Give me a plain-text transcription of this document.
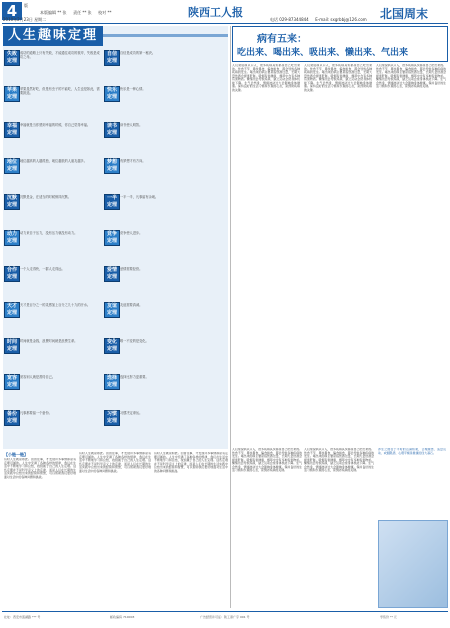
4	版
本版编辑 ** 张 　 责任 ** 张 　 校对 **
2010年2月23日 星期二
陕西工人报
电话 029-87344844 　 E-mail: sxgrbbj@126.com 北国周末
人生趣味定理
失败 定理
成功的道路上只有失败，才能通往成功的彼岸，失败是成功之母。
苹果 定理
苹果虽然好吃，但是有虫子的不能吃，人生也是如此，需要挑选。
幸福 定理
幸福就是当你感到幸福的时候，你自己觉得幸福。
地位 定理
地位越高的人越孤独，地位越低的人朋友越多。
沉默 定理
沉默是金，在适当的时候保持沉默。
动力 定理
动力来自于压力，没有压力就没有动力。
合作 定理
一个人走得快，一群人走得远。
天才 定理
天才是百分之一的灵感加上百分之九十九的汗水。
时间 定理
时间就是金钱，浪费时间就是浪费生命。
宽容 定理
宽容别人就是善待自己。
备份 定理
凡事都要留一个备份。
自信 定理
自信是成功的第一秘诀。
快乐 定理
快乐是一种心情。
读书 定理
读书使人明智。
梦想 定理
有梦想才有方向。
一半 定理
一半一半，凡事留有余地。
竞争 定理
竞争使人进步。
爱情 定理
爱情需要经营。
友谊 定理
友谊需要真诚。
变化 定理
唯一不变的是变化。
选择 定理
选择比努力更重要。
习惯 定理
习惯决定命运。
【小链一链】
有时人生就是如此。回首往事，才发现许多事情都是有定理可循的。人生中充满了各种各样的规律，我们在生活中不断地学习和总结，找到属于自己的人生定理。这些定理并不是科学意义上的定律，而是人们在长期的生活实践中总结出来的经验和智慧，可以帮助我们更好地面对生活中的各种问题和挑战。
有时人生就是如此。回首往事，才发现许多事情都是有定理可循的。人生中充满了各种各样的规律，我们在生活中不断地学习和总结，找到属于自己的人生定理。这些定理并不是科学意义上的定律，而是人们在长期的生活实践中总结出来的经验和智慧，可以帮助我们更好地面对生活中的各种问题和挑战。
有时人生就是如此。回首往事，才发现许多事情都是有定理可循的。人生中充满了各种各样的规律，我们在生活中不断地学习和总结，找到属于自己的人生定理。这些定理并不是科学意义上的定律，而是人们在长期的生活实践中总结出来的经验和智慧，可以帮助我们更好地面对生活中的各种问题和挑战。
病有五来：
吃出来、喝出来、吸出来、懒出来、气出来
人们常说病从口入，很多疾病其实都是自己吃出来的。饮食不节，暴饮暴食，偏食挑食，都会导致各种疾病的发生。喝出来的病主要是指饮酒过量，长期大量饮酒会损害肝脏。吸烟有害健康，烟草中含有多种有害物质。懒惰也会导致疾病，缺乏运动会使身体机能下降。生气会伤身，情绪波动过大会影响身体健康。保持良好的生活习惯和乐观的心态，是预防疾病的关键。
人们常说病从口入，很多疾病其实都是自己吃出来的。饮食不节，暴饮暴食，偏食挑食，都会导致各种疾病的发生。喝出来的病主要是指饮酒过量，长期大量饮酒会损害肝脏。吸烟有害健康，烟草中含有多种有害物质。懒惰也会导致疾病，缺乏运动会使身体机能下降。生气会伤身，情绪波动过大会影响身体健康。保持良好的生活习惯和乐观的心态，是预防疾病的关键。
人们常说病从口入，很多疾病其实都是自己吃出来的。饮食不节，暴饮暴食，偏食挑食，都会导致各种疾病的发生。喝出来的病主要是指饮酒过量，长期大量饮酒会损害肝脏。吸烟有害健康，烟草中含有多种有害物质。懒惰也会导致疾病，缺乏运动会使身体机能下降。生气会伤身，情绪波动过大会影响身体健康。保持良好的生活习惯和乐观的心态，是预防疾病的关键。
人们常说病从口入，很多疾病其实都是自己吃出来的。饮食不节，暴饮暴食，偏食挑食，都会导致各种疾病的发生。喝出来的病主要是指饮酒过量，长期大量饮酒会损害肝脏。吸烟有害健康，烟草中含有多种有害物质。懒惰也会导致疾病，缺乏运动会使身体机能下降。生气会伤身，情绪波动过大会影响身体健康。保持良好的生活习惯和乐观的心态，是预防疾病的关键。
人们常说病从口入，很多疾病其实都是自己吃出来的。饮食不节，暴饮暴食，偏食挑食，都会导致各种疾病的发生。喝出来的病主要是指饮酒过量，长期大量饮酒会损害肝脏。吸烟有害健康，烟草中含有多种有害物质。懒惰也会导致疾病，缺乏运动会使身体机能下降。生气会伤身，情绪波动过大会影响身体健康。保持良好的生活习惯和乐观的心态，是预防疾病的关键。
养生之道在于平时的点滴积累，合理膳食、适量运动、戒烟限酒、心理平衡是健康的四大基石。
社址：西安市莲湖路 *** 号	邮政编码 710003	广告经营许可证：陕工商广字 001 号	零售价 ** 元
